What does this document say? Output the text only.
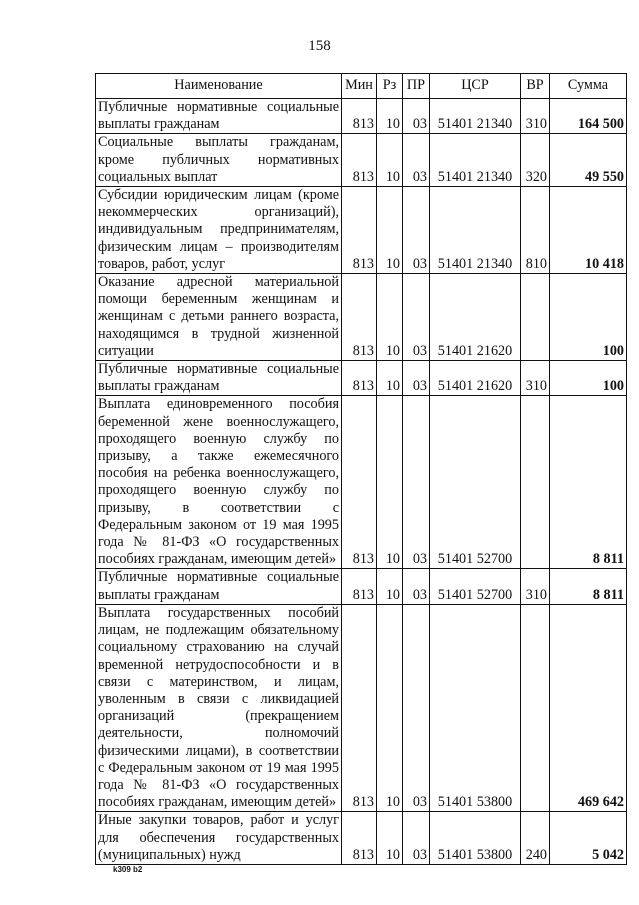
158
Наименование	Мин	Рз	ПР	ЦСР	ВР	Сумма
Публичные нормативные социальные выплаты гражданам	813	10	03	51401 21340	310	164 500
Социальные выплаты гражданам, кроме публичных нормативных социальных выплат	813	10	03	51401 21340	320	49 550
Субсидии юридическим лицам (кроме некоммерческих организаций), индивидуальным предпринимателям, физическим лицам – производителям товаров, работ, услуг	813	10	03	51401 21340	810	10 418
Оказание адресной материальной помощи беременным женщинам и женщинам с детьми раннего возраста, находящимся в трудной жизненной ситуации	813	10	03	51401 21620		100
Публичные нормативные социальные выплаты гражданам	813	10	03	51401 21620	310	100
Выплата единовременного пособия беременной жене военнослужащего, проходящего военную службу по призыву, а также ежемесячного пособия на ребенка военнослужащего, проходящего военную службу по призыву, в соответствии с Федеральным законом от 19 мая 1995 года № 81-ФЗ «О государственных пособиях гражданам, имеющим детей»	813	10	03	51401 52700		8 811
Публичные нормативные социальные выплаты гражданам	813	10	03	51401 52700	310	8 811
Выплата государственных пособий лицам, не подлежащим обязательному социальному страхованию на случай временной нетрудоспособности и в связи с материнством, и лицам, уволенным в связи с ликвидацией организаций (прекращением деятельности, полномочий физическими лицами), в соответствии с Федеральным законом от 19 мая 1995 года № 81-ФЗ «О государственных пособиях гражданам, имеющим детей»	813	10	03	51401 53800		469 642
Иные закупки товаров, работ и услуг для обеспечения государственных (муниципальных) нужд	813	10	03	51401 53800	240	5 042
k309 b2
